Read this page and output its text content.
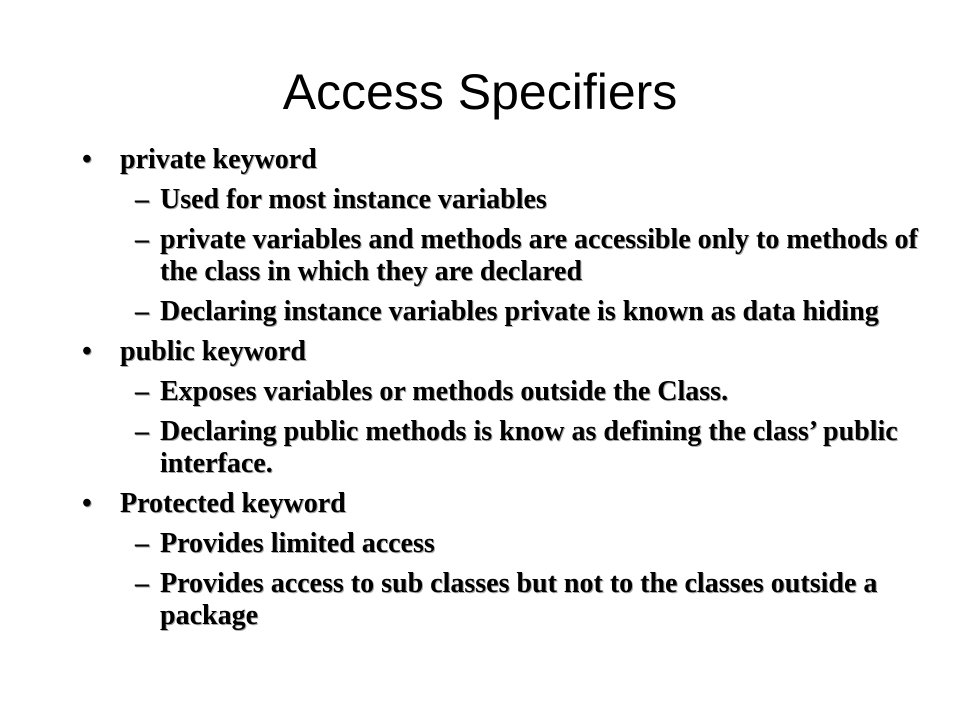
Access Specifiers
• private keyword
– Used for most instance variables
– private variables and methods are accessible only to methods of the class in which they are declared
– Declaring instance variables private is known as data hiding
• public keyword
– Exposes variables or methods outside the Class.
– Declaring public methods is know as defining the class’ public interface.
• Protected keyword
– Provides limited access
– Provides access to sub classes but not to the classes outside a package
